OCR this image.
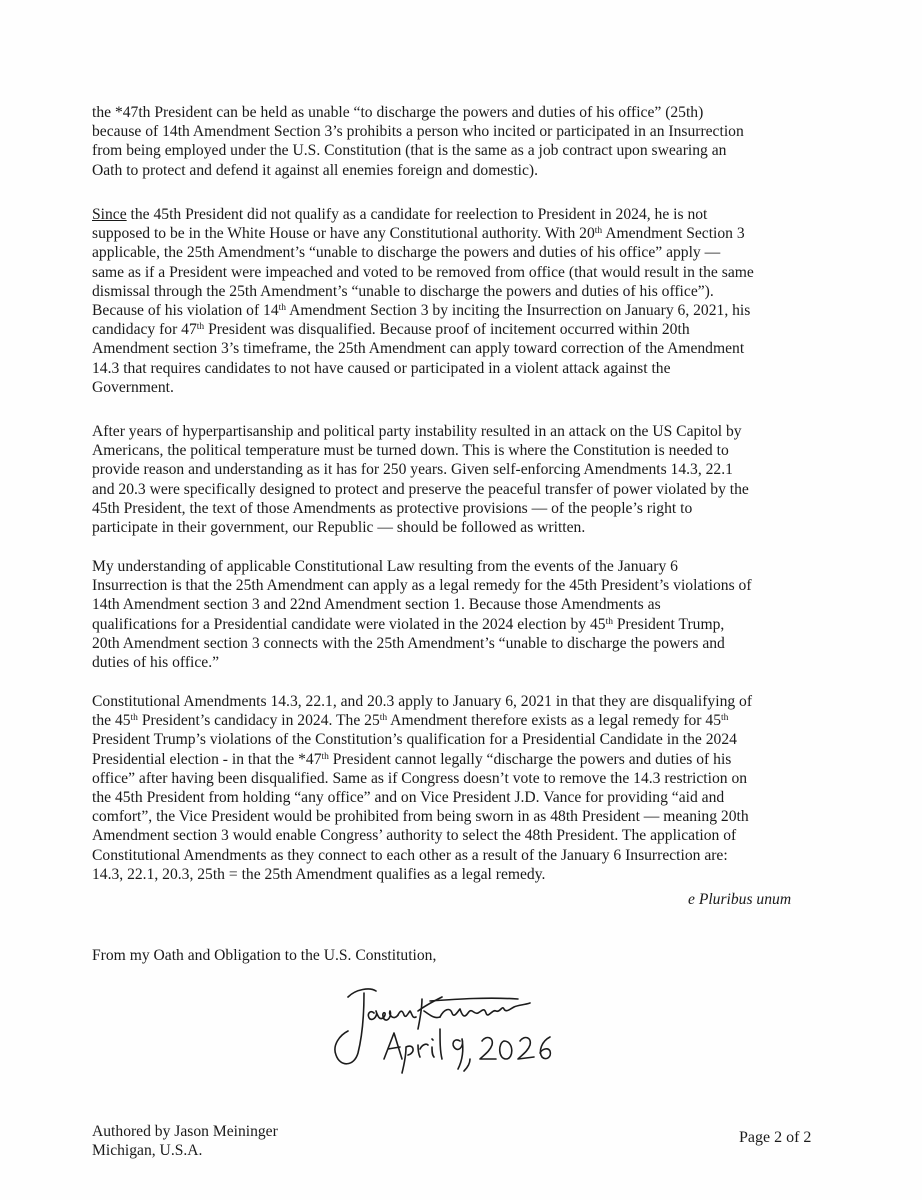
the *47th President can be held as unable “to discharge the powers and duties of his office” (25th)
because of 14th Amendment Section 3’s prohibits a person who incited or participated in an Insurrection
from being employed under the U.S. Constitution (that is the same as a job contract upon swearing an
Oath to protect and defend it against all enemies foreign and domestic).
Since the 45th President did not qualify as a candidate for reelection to President in 2024, he is not
supposed to be in the White House or have any Constitutional authority. With 20th Amendment Section 3
applicable, the 25th Amendment’s “unable to discharge the powers and duties of his office” apply —
same as if a President were impeached and voted to be removed from office (that would result in the same
dismissal through the 25th Amendment’s “unable to discharge the powers and duties of his office”).
Because of his violation of 14th Amendment Section 3 by inciting the Insurrection on January 6, 2021, his
candidacy for 47th President was disqualified. Because proof of incitement occurred within 20th
Amendment section 3’s timeframe, the 25th Amendment can apply toward correction of the Amendment
14.3 that requires candidates to not have caused or participated in a violent attack against the
Government.
After years of hyperpartisanship and political party instability resulted in an attack on the US Capitol by
Americans, the political temperature must be turned down. This is where the Constitution is needed to
provide reason and understanding as it has for 250 years. Given self-enforcing Amendments 14.3, 22.1
and 20.3 were specifically designed to protect and preserve the peaceful transfer of power violated by the
45th President, the text of those Amendments as protective provisions — of the people’s right to
participate in their government, our Republic — should be followed as written.
My understanding of applicable Constitutional Law resulting from the events of the January 6
Insurrection is that the 25th Amendment can apply as a legal remedy for the 45th President’s violations of
14th Amendment section 3 and 22nd Amendment section 1. Because those Amendments as
qualifications for a Presidential candidate were violated in the 2024 election by 45th President Trump,
20th Amendment section 3 connects with the 25th Amendment’s “unable to discharge the powers and
duties of his office.”
Constitutional Amendments 14.3, 22.1, and 20.3 apply to January 6, 2021 in that they are disqualifying of
the 45th President’s candidacy in 2024. The 25th Amendment therefore exists as a legal remedy for 45th
President Trump’s violations of the Constitution’s qualification for a Presidential Candidate in the 2024
Presidential election - in that the *47th President cannot legally “discharge the powers and duties of his
office” after having been disqualified. Same as if Congress doesn’t vote to remove the 14.3 restriction on
the 45th President from holding “any office” and on Vice President J.D. Vance for providing “aid and
comfort”, the Vice President would be prohibited from being sworn in as 48th President — meaning 20th
Amendment section 3 would enable Congress’ authority to select the 48th President. The application of
Constitutional Amendments as they connect to each other as a result of the January 6 Insurrection are:
14.3, 22.1, 20.3, 25th = the 25th Amendment qualifies as a legal remedy.
e Pluribus unum
From my Oath and Obligation to the U.S. Constitution,
Authored by Jason Meininger
Michigan, U.S.A.
Page 2 of 2
